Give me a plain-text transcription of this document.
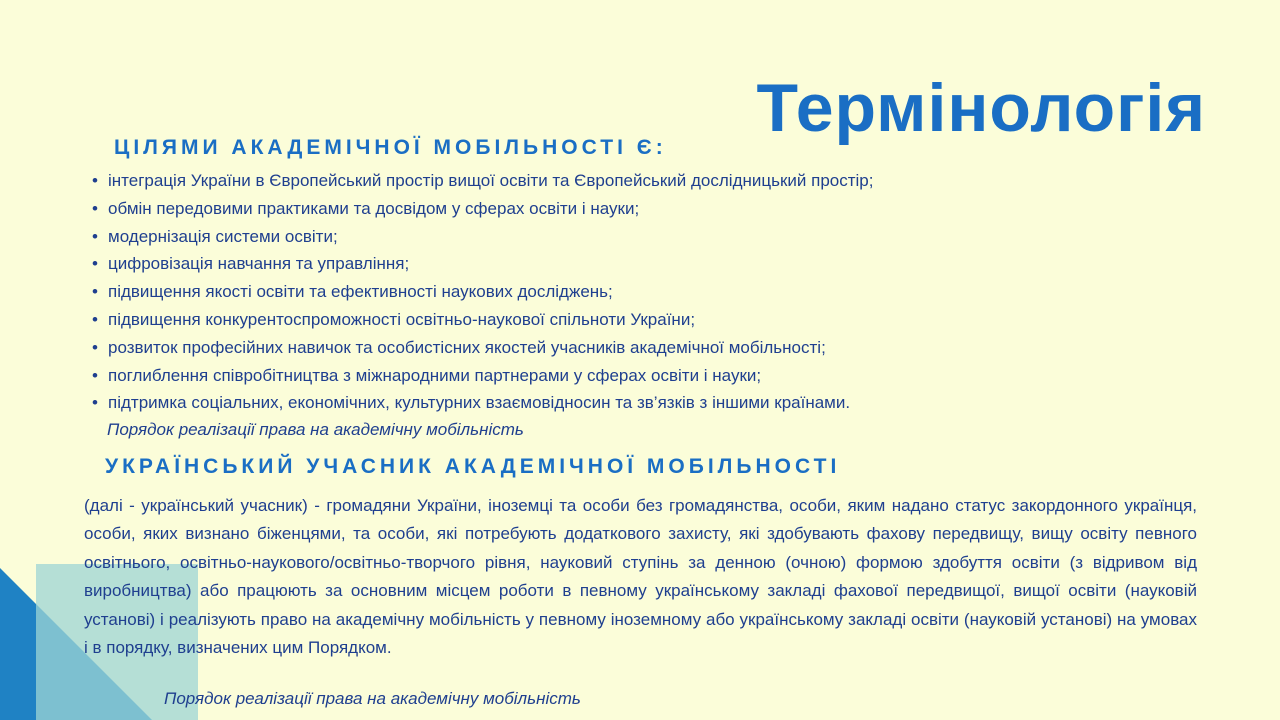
Термінологія
ЦІЛЯМИ АКАДЕМІЧНОЇ МОБІЛЬНОСТІ Є:
• інтеграція України в Європейський простір вищої освіти та Європейський дослідницький простір;
• обмін передовими практиками та досвідом у сферах освіти і науки;
• модернізація системи освіти;
• цифровізація навчання та управління;
• підвищення якості освіти та ефективності наукових досліджень;
• підвищення конкурентоспроможності освітньо-наукової спільноти України;
• розвиток професійних навичок та особистісних якостей учасників академічної мобільності;
• поглиблення співробітництва з міжнародними партнерами у сферах освіти і науки;
• підтримка соціальних, економічних, культурних взаємовідносин та зв’язків з іншими країнами.

Порядок реалізації права на академічну мобільність

УКРАЇНСЬКИЙ УЧАСНИК АКАДЕМІЧНОЇ МОБІЛЬНОСТІ

(далі - український учасник) - громадяни України, іноземці та особи без громадянства, особи, яким надано статус закордонного українця, особи, яких визнано біженцями, та особи, які потребують додаткового захисту, які здобувають фахову передвищу, вищу освіту певного освітнього, освітньо-наукового/освітньо-творчого рівня, науковий ступінь за денною (очною) формою здобуття освіти (з відривом від виробництва) або працюють за основним місцем роботи в певному українському закладі фахової передвищої, вищої освіти (науковій установі) і реалізують право на академічну мобільність у певному іноземному або українському закладі освіти (науковій установі) на умовах і в порядку, визначених цим Порядком.

Порядок реалізації права на академічну мобільність
